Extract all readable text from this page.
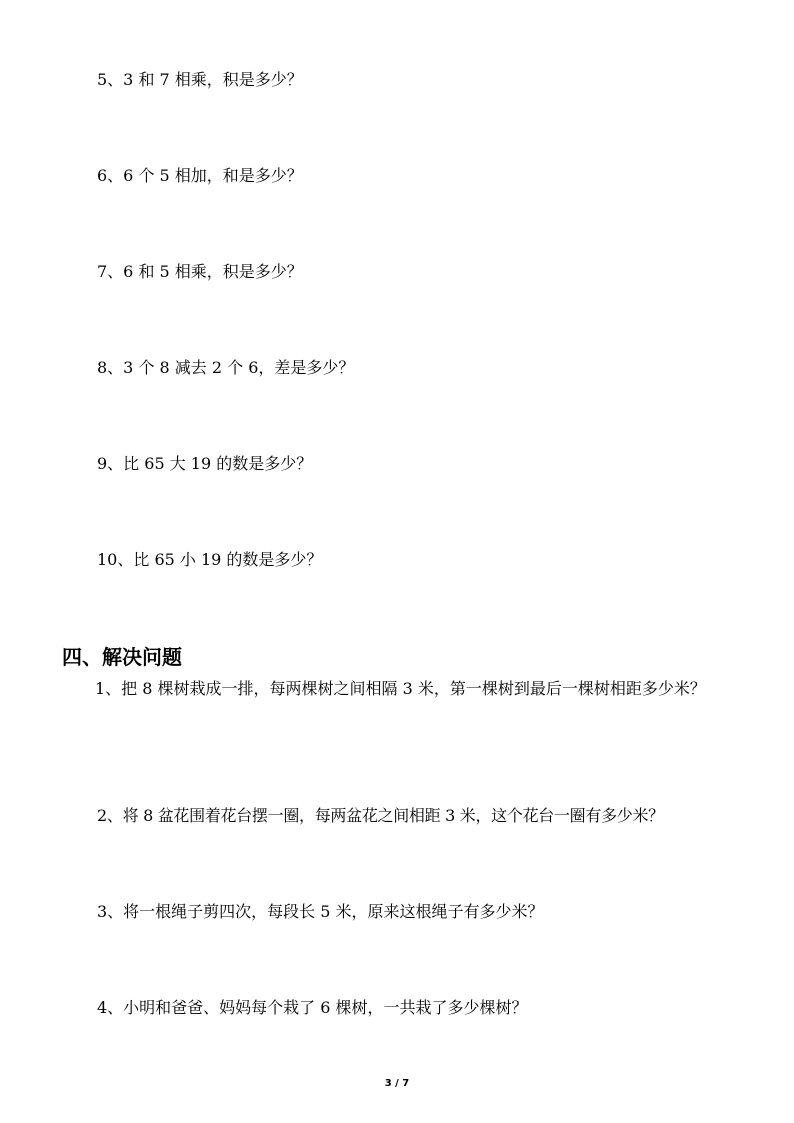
5、3 和 7 相乘，积是多少？

6、6 个 5 相加，和是多少？

7、6 和 5 相乘，积是多少？

8、3 个 8 减去 2 个 6，差是多少？

9、比 65 大 19 的数是多少？

10、比 65 小 19 的数是多少？

四、解决问题

1、把 8 棵树栽成一排，每两棵树之间相隔 3 米，第一棵树到最后一棵树相距多少米？

2、将 8 盆花围着花台摆一圈，每两盆花之间相距 3 米，这个花台一圈有多少米？

3、将一根绳子剪四次，每段长 5 米，原来这根绳子有多少米？

4、小明和爸爸、妈妈每个栽了 6 棵树，一共栽了多少棵树？

3 / 7
